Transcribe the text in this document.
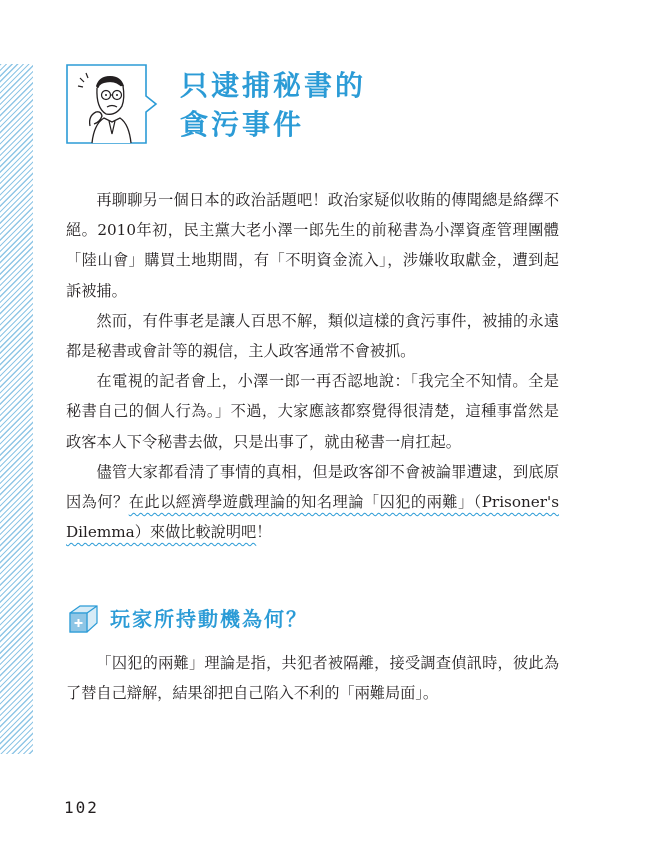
只逮捕秘書的
貪污事件

再聊聊另一個日本的政治話題吧！政治家疑似收賄的傳聞總是絡繹不絕。2010年初，民主黨大老小澤一郎先生的前秘書為小澤資產管理團體「陸山會」購買土地期間，有「不明資金流入」，涉嫌收取獻金，遭到起訴被捕。

然而，有件事老是讓人百思不解，類似這樣的貪污事件，被捕的永遠都是秘書或會計等的親信，主人政客通常不會被抓。

在電視的記者會上，小澤一郎一再否認地說：「我完全不知情。全是秘書自己的個人行為。」不過，大家應該都察覺得很清楚，這種事當然是政客本人下令秘書去做，只是出事了，就由秘書一肩扛起。

儘管大家都看清了事情的真相，但是政客卻不會被論罪遭逮，到底原因為何？在此以經濟學遊戲理論的知名理論「囚犯的兩難」（Prisoner's Dilemma）來做比較說明吧！

玩家所持動機為何？

「囚犯的兩難」理論是指，共犯者被隔離，接受調查偵訊時，彼此為了替自己辯解，結果卻把自己陷入不利的「兩難局面」。

102
